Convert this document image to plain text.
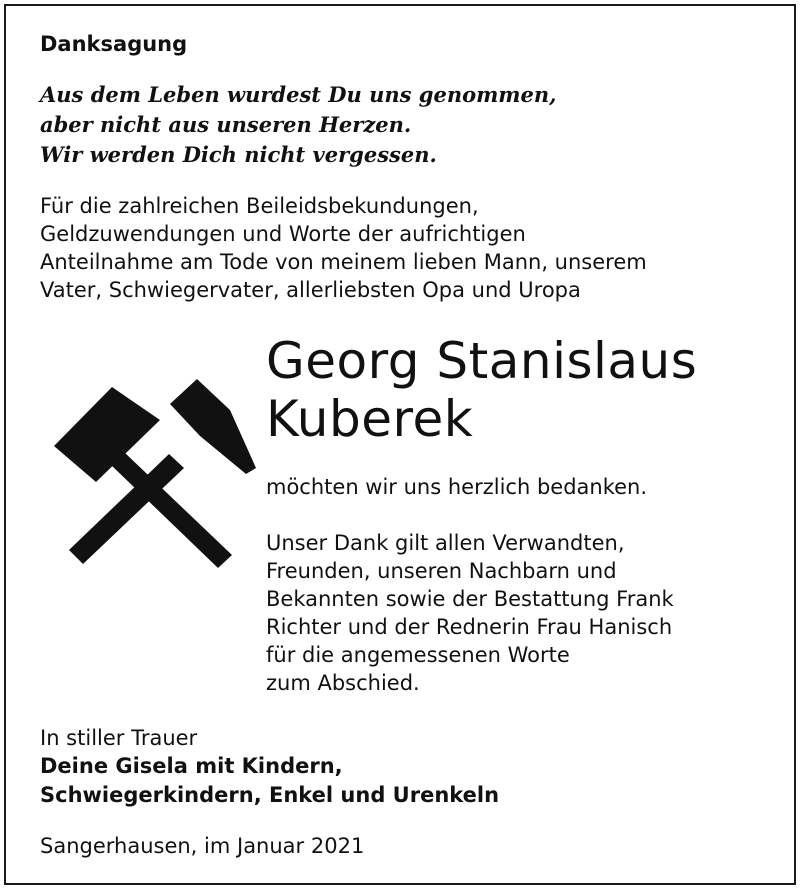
Danksagung
Aus dem Leben wurdest Du uns genommen,
aber nicht aus unseren Herzen.
Wir werden Dich nicht vergessen.
Für die zahlreichen Beileidsbekundungen,
Geldzuwendungen und Worte der aufrichtigen
Anteilnahme am Tode von meinem lieben Mann, unserem
Vater, Schwiegervater, allerliebsten Opa und Uropa
Georg Stanislaus
Kuberek
möchten wir uns herzlich bedanken.
Unser Dank gilt allen Verwandten,
Freunden, unseren Nachbarn und
Bekannten sowie der Bestattung Frank
Richter und der Rednerin Frau Hanisch
für die angemessenen Worte
zum Abschied.
In stiller Trauer
Deine Gisela mit Kindern,
Schwiegerkindern, Enkel und Urenkeln
Sangerhausen, im Januar 2021
